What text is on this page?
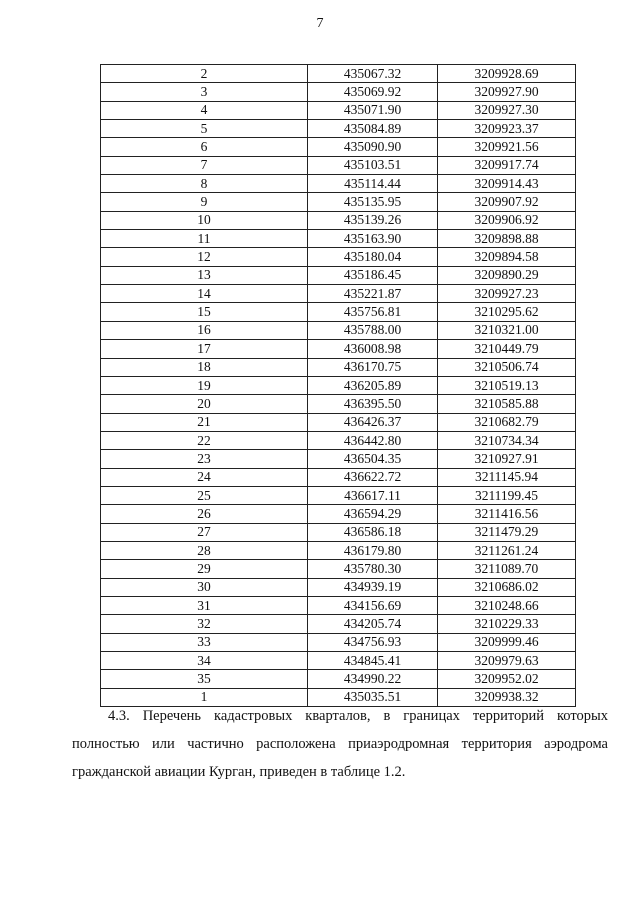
7
2	435067.32	3209928.69
3	435069.92	3209927.90
4	435071.90	3209927.30
5	435084.89	3209923.37
6	435090.90	3209921.56
7	435103.51	3209917.74
8	435114.44	3209914.43
9	435135.95	3209907.92
10	435139.26	3209906.92
11	435163.90	3209898.88
12	435180.04	3209894.58
13	435186.45	3209890.29
14	435221.87	3209927.23
15	435756.81	3210295.62
16	435788.00	3210321.00
17	436008.98	3210449.79
18	436170.75	3210506.74
19	436205.89	3210519.13
20	436395.50	3210585.88
21	436426.37	3210682.79
22	436442.80	3210734.34
23	436504.35	3210927.91
24	436622.72	3211145.94
25	436617.11	3211199.45
26	436594.29	3211416.56
27	436586.18	3211479.29
28	436179.80	3211261.24
29	435780.30	3211089.70
30	434939.19	3210686.02
31	434156.69	3210248.66
32	434205.74	3210229.33
33	434756.93	3209999.46
34	434845.41	3209979.63
35	434990.22	3209952.02
1	435035.51	3209938.32

4.3. Перечень кадастровых кварталов, в границах территорий которых полностью или частично расположена приаэродромная территория аэродрома гражданской авиации Курган, приведен в таблице 1.2.
